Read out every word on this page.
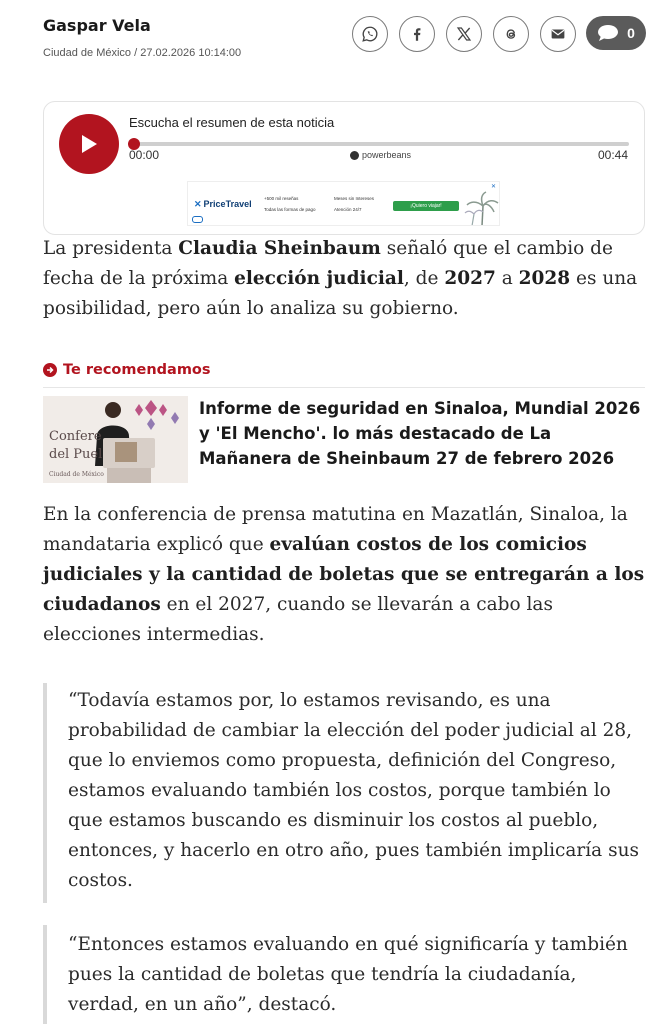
Gaspar Vela
Ciudad de México / 27.02.2026 10:14:00
0
Escucha el resumen de esta noticia
00:00	powerbeans	00:44
✕ PriceTravel
+500 mil reseñas	Meses sin Intereses
Todas las formas de pago	Atención 24/7
¡Quiero viajar!
✕
La presidenta Claudia Sheinbaum señaló que el cambio de fecha de la próxima elección judicial, de 2027 a 2028 es una posibilidad, pero aún lo analiza su gobierno.
Te recomendamos
Confere
del Puel
Ciudad de México
Informe de seguridad en Sinaloa, Mundial 2026 y 'El Mencho'. lo más destacado de La Mañanera de Sheinbaum 27 de febrero 2026
En la conferencia de prensa matutina en Mazatlán, Sinaloa, la mandataria explicó que evalúan costos de los comicios judiciales y la cantidad de boletas que se entregarán a los ciudadanos en el 2027, cuando se llevarán a cabo las elecciones intermedias.
“Todavía estamos por, lo estamos revisando, es una probabilidad de cambiar la elección del poder judicial al 28, que lo enviemos como propuesta, definición del Congreso, estamos evaluando también los costos, porque también lo que estamos buscando es disminuir los costos al pueblo, entonces, y hacerlo en otro año, pues también implicaría sus costos.
“Entonces estamos evaluando en qué significaría y también pues la cantidad de boletas que tendría la ciudadanía, verdad, en un año”, destacó.
